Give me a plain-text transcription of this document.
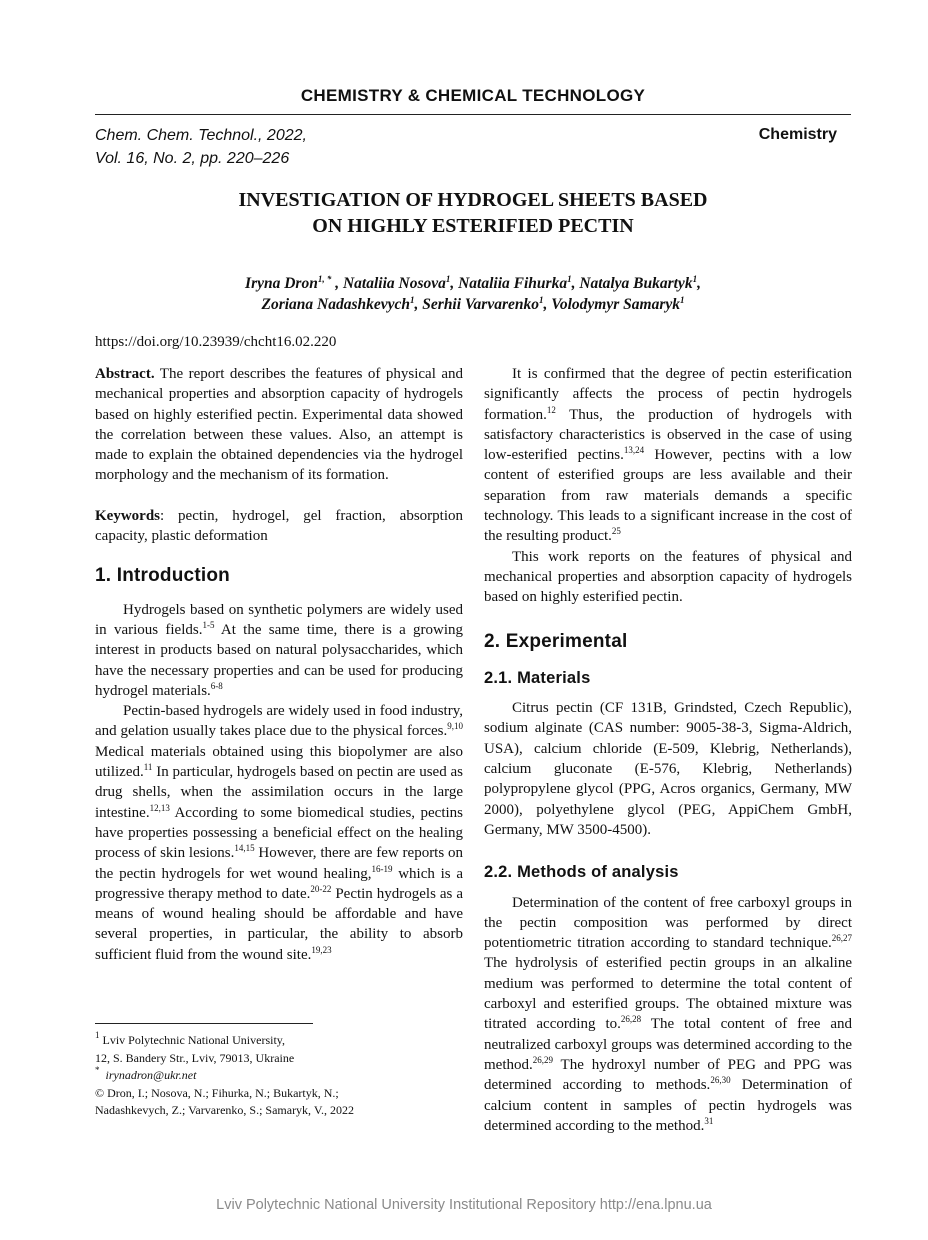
CHEMISTRY & CHEMICAL TECHNOLOGY
Chem. Chem. Technol., 2022,
Vol. 16, No. 2, pp. 220–226
Chemistry
INVESTIGATION OF HYDROGEL SHEETS BASED
ON HIGHLY ESTERIFIED PECTIN
Iryna Dron$^{1, *}$ , Nataliia Nosova$^1$, Nataliia Fihurka$^1$, Natalya Bukartyk$^1$,
Zoriana Nadashkevych$^1$, Serhii Varvarenko$^1$, Volodymyr Samaryk$^1$
https://doi.org/10.23939/chcht16.02.220

Abstract. The report describes the features of physical and mechanical properties and absorption capacity of hydrogels based on highly esterified pectin. Experimental data showed the correlation between these values. Also, an attempt is made to explain the obtained dependencies via the hydrogel morphology and the mechanism of its formation.

Keywords: pectin, hydrogel, gel fraction, absorption capacity, plastic deformation

1. Introduction

Hydrogels based on synthetic polymers are widely used in various fields.$^{1-5}$ At the same time, there is a growing interest in products based on natural polysaccharides, which have the necessary properties and can be used for producing hydrogel materials.$^{6-8}$

Pectin-based hydrogels are widely used in food industry, and gelation usually takes place due to the physical forces.$^{9,10}$ Medical materials obtained using this biopolymer are also utilized.$^{11}$ In particular, hydrogels based on pectin are used as drug shells, when the assimilation occurs in the large intestine.$^{12,13}$ According to some biomedical studies, pectins have properties possessing a beneficial effect on the healing process of skin lesions.$^{14,15}$ However, there are few reports on the pectin hydrogels for wet wound healing,$^{16-19}$ which is a progressive therapy method to date.$^{20-22}$ Pectin hydrogels as a means of wound healing should be affordable and have several properties, in particular, the ability to absorb sufficient fluid from the wound site.$^{19,23}$

It is confirmed that the degree of pectin esterification significantly affects the process of pectin hydrogels formation.$^{12}$ Thus, the production of hydrogels with satisfactory characteristics is observed in the case of using low-esterified pectins.$^{13,24}$ However, pectins with a low content of esterified groups are less available and their separation from raw materials demands a specific technology. This leads to a significant increase in the cost of the resulting product.$^{25}$

This work reports on the features of physical and mechanical properties and absorption capacity of hydrogels based on highly esterified pectin.

2. Experimental
2.1. Materials

Citrus pectin (CF 131B, Grindsted, Czech Republic), sodium alginate (CAS number: 9005-38-3, Sigma-Aldrich, USA), calcium chloride (E-509, Klebrig, Netherlands), calcium gluconate (E-576, Klebrig, Netherlands) polypropylene glycol (PPG, Acros organics, Germany, MW 2000), polyethylene glycol (PEG, AppiChem GmbH, Germany, MW 3500-4500).

2.2. Methods of analysis

Determination of the content of free carboxyl groups in the pectin composition was performed by direct potentiometric titration according to standard technique.$^{26,27}$ The hydrolysis of esterified pectin groups in an alkaline medium was performed to determine the total content of carboxyl and esterified groups. The obtained mixture was titrated according to.$^{26,28}$ The total content of free and neutralized carboxyl groups was determined according to the method.$^{26,29}$ The hydroxyl number of PEG and PPG was determined according to methods.$^{26,30}$ Determination of calcium content in samples of pectin hydrogels was determined according to the method.$^{31}$

$^1$ Lviv Polytechnic National University,
12, S. Bandery Str., Lviv, 79013, Ukraine
* irynadron@ukr.net
© Dron, I.; Nosova, N.; Fihurka, N.; Bukartyk, N.;
Nadashkevych, Z.; Varvarenko, S.; Samaryk, V., 2022
Lviv Polytechnic National University Institutional Repository http://ena.lpnu.ua
